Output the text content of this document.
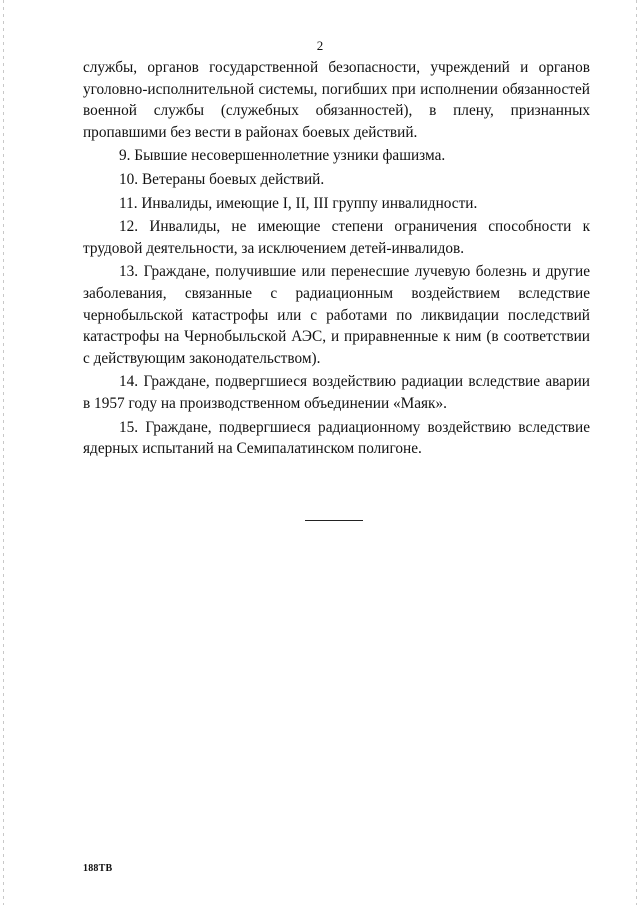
2

службы, органов государственной безопасности, учреждений и органов уголовно-исполнительной системы, погибших при исполнении обязанностей военной службы (служебных обязанностей), в плену, признанных пропавшими без вести в районах боевых действий.

9. Бывшие несовершеннолетние узники фашизма.

10. Ветераны боевых действий.

11. Инвалиды, имеющие I, II, III группу инвалидности.

12. Инвалиды, не имеющие степени ограничения способности к трудовой деятельности, за исключением детей-инвалидов.

13. Граждане, получившие или перенесшие лучевую болезнь и другие заболевания, связанные с радиационным воздействием вследствие чернобыльской катастрофы или с работами по ликвидации последствий катастрофы на Чернобыльской АЭС, и приравненные к ним (в соответствии с действующим законодательством).

14. Граждане, подвергшиеся воздействию радиации вследствие аварии в 1957 году на производственном объединении «Маяк».

15. Граждане, подвергшиеся радиационному воздействию вследствие ядерных испытаний на Семипалатинском полигоне.

188ТВ
